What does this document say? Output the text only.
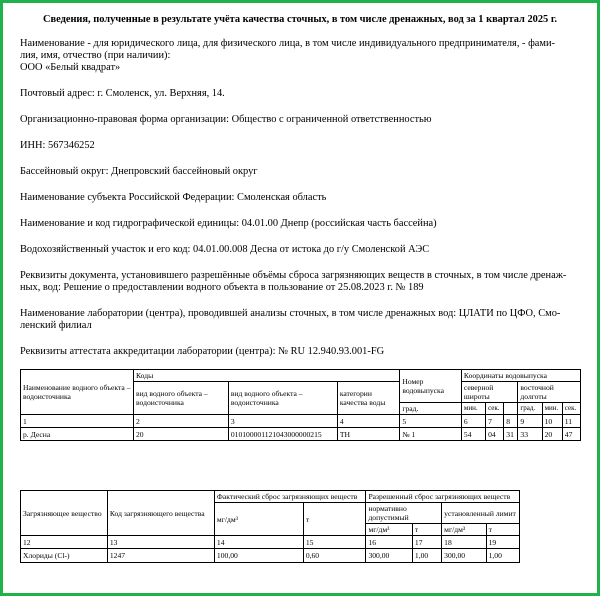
Сведения, полученные в результате учёта качества сточных, в том числе дренажных, вод за 1 квартал 2025 г.
Наименование - для юридического лица, для физического лица, в том числе индивидуального предпринимателя, - фами-
лия, имя, отчество (при наличии):
ООО «Белый квадрат»
Почтовый адрес: г. Смоленск, ул. Верхняя, 14.
Организационно-правовая форма организации: Общество с ограниченной ответственностью
ИНН: 567346252
Бассейновый округ: Днепровский бассейновый округ
Наименование субъекта Российской Федерации: Смоленская область
Наименование и код гидрографической единицы: 04.01.00 Днепр (российская часть бассейна)
Водохозяйственный участок и его код: 04.01.00.008 Десна от истока до г/у Смоленской АЭС
Реквизиты документа, установившего разрешённые объёмы сброса загрязняющих веществ в сточных, в том числе дренаж-
ных, вод: Решение о предоставлении водного объекта в пользование от 25.08.2023 г. № 189
Наименование лаборатории (центра), проводившей анализы сточных, в том числе дренажных вод: ЦЛАТИ по ЦФО, Смо-
ленский филиал
Реквизиты аттестата аккредитации лаборатории (центра): № RU 12.940.93.001-FG
Наименование водного объекта – водоисточника	Коды			Номер водовыпуска	Координаты водовыпуска					
	вид водного объекта – водоисточника	вид водного объекта – водоисточника	категории качества воды		северной широты			восточной долготы		
				град.	мин.	сек.		град.	мин.	сек.
1	2	3	4	5	6	7	8	9	10	11
р. Десна	20	010100001121043000000215	ТН	№ 1	54	04	31	33	20	47
Загрязняющее вещество	Код загрязняющего вещества	Фактический сброс загрязняющих веществ		Разрешенный сброс загрязняющих веществ			
		мг/дм³	т	нормативно допустимый		установленный лимит	
				мг/дм³	т	мг/дм³	т
12	13	14	15	16	17	18	19
Хлориды (Cl-)	1247	100,00	0,60	300,00	1,00	300,00	1,00
